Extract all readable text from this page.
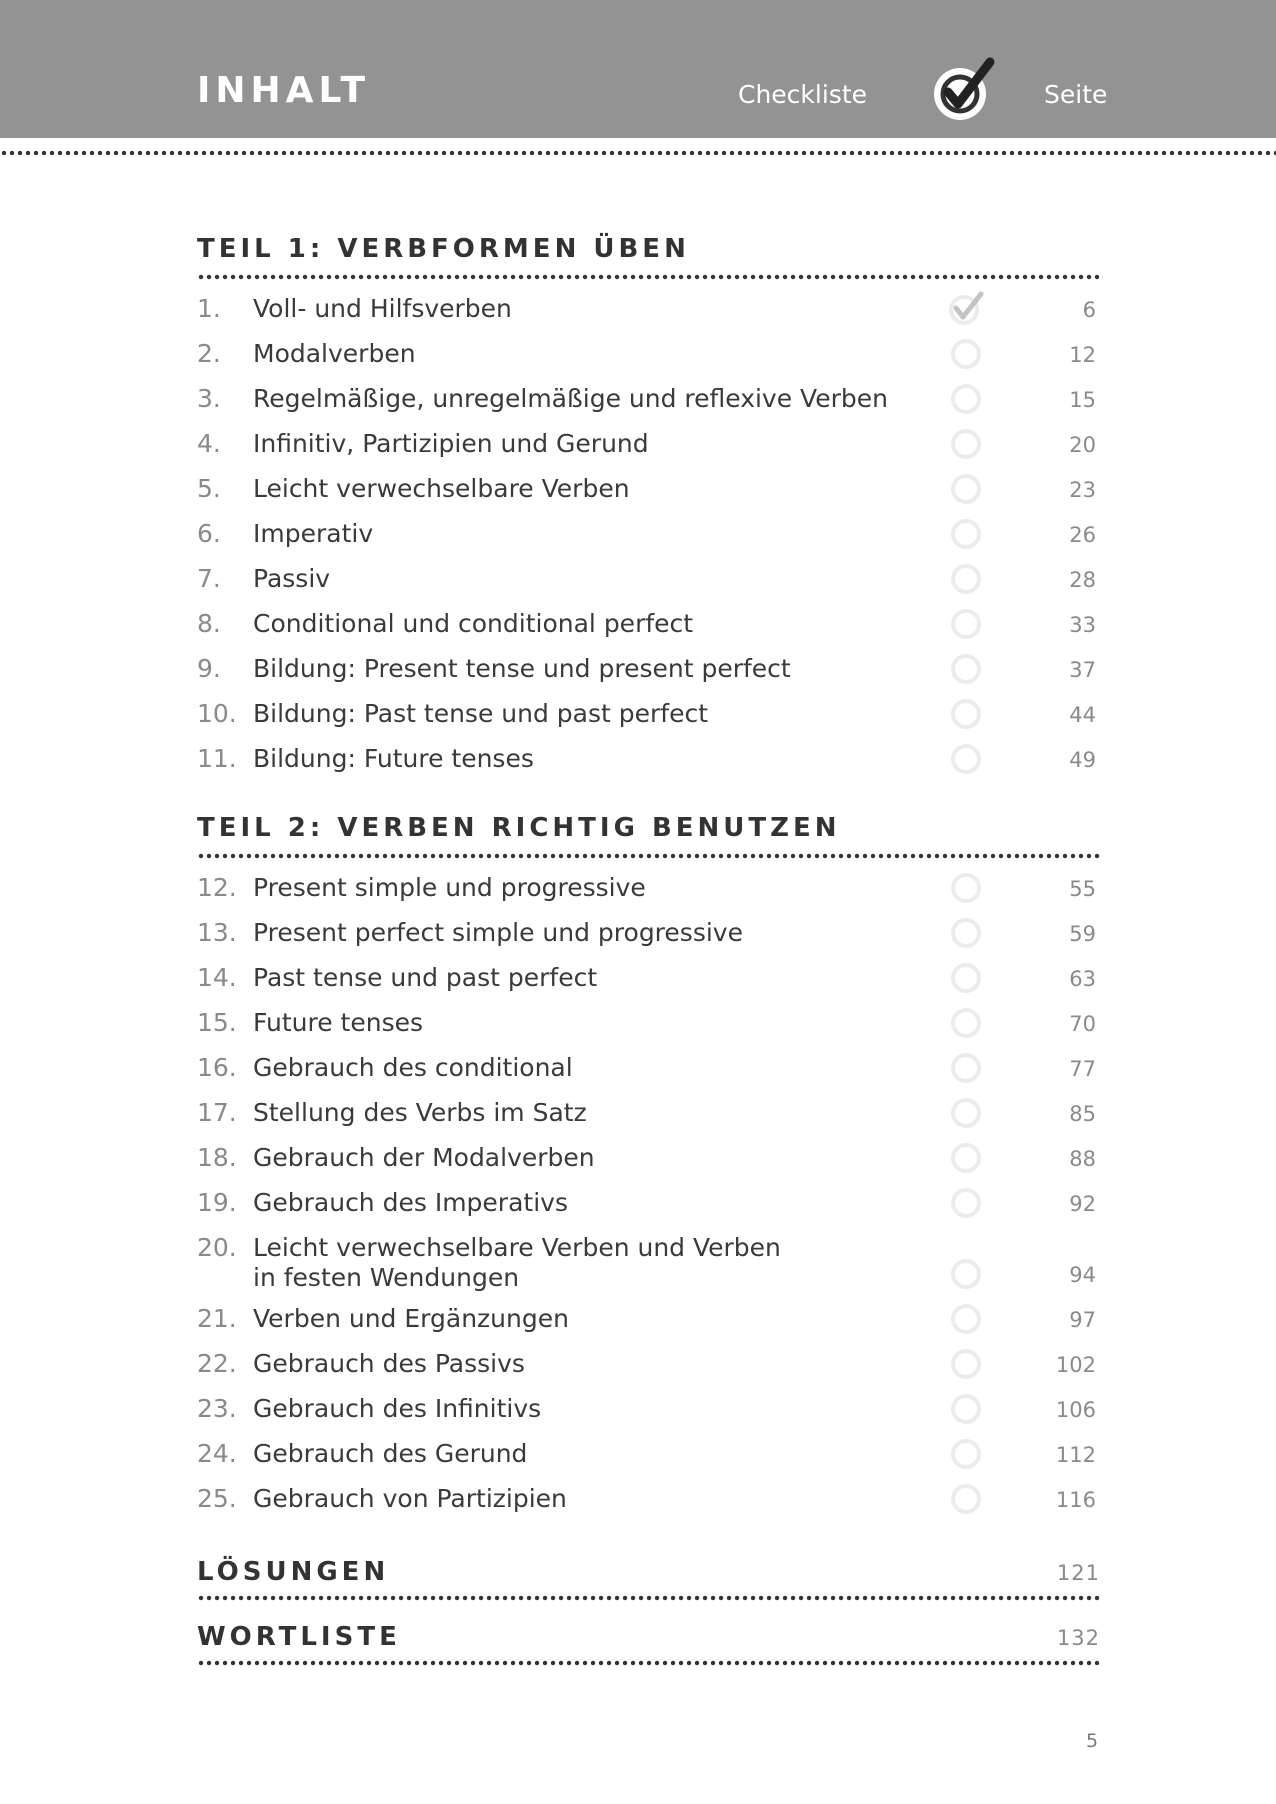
INHALT	Checkliste	Seite
TEIL 1: VERBFORMEN ÜBEN
1. Voll- und Hilfsverben	6
2. Modalverben	12
3. Regelmäßige, unregelmäßige und reflexive Verben	15
4. Infinitiv, Partizipien und Gerund	20
5. Leicht verwechselbare Verben	23
6. Imperativ	26
7. Passiv	28
8. Conditional und conditional perfect	33
9. Bildung: Present tense und present perfect	37
10. Bildung: Past tense und past perfect	44
11. Bildung: Future tenses	49
TEIL 2: VERBEN RICHTIG BENUTZEN
12. Present simple und progressive	55
13. Present perfect simple und progressive	59
14. Past tense und past perfect	63
15. Future tenses	70
16. Gebrauch des conditional	77
17. Stellung des Verbs im Satz	85
18. Gebrauch der Modalverben	88
19. Gebrauch des Imperativs	92
20. Leicht verwechselbare Verben und Verben
in festen Wendungen	94
21. Verben und Ergänzungen	97
22. Gebrauch des Passivs	102
23. Gebrauch des Infinitivs	106
24. Gebrauch des Gerund	112
25. Gebrauch von Partizipien	116
LÖSUNGEN	121
WORTLISTE	132
5
